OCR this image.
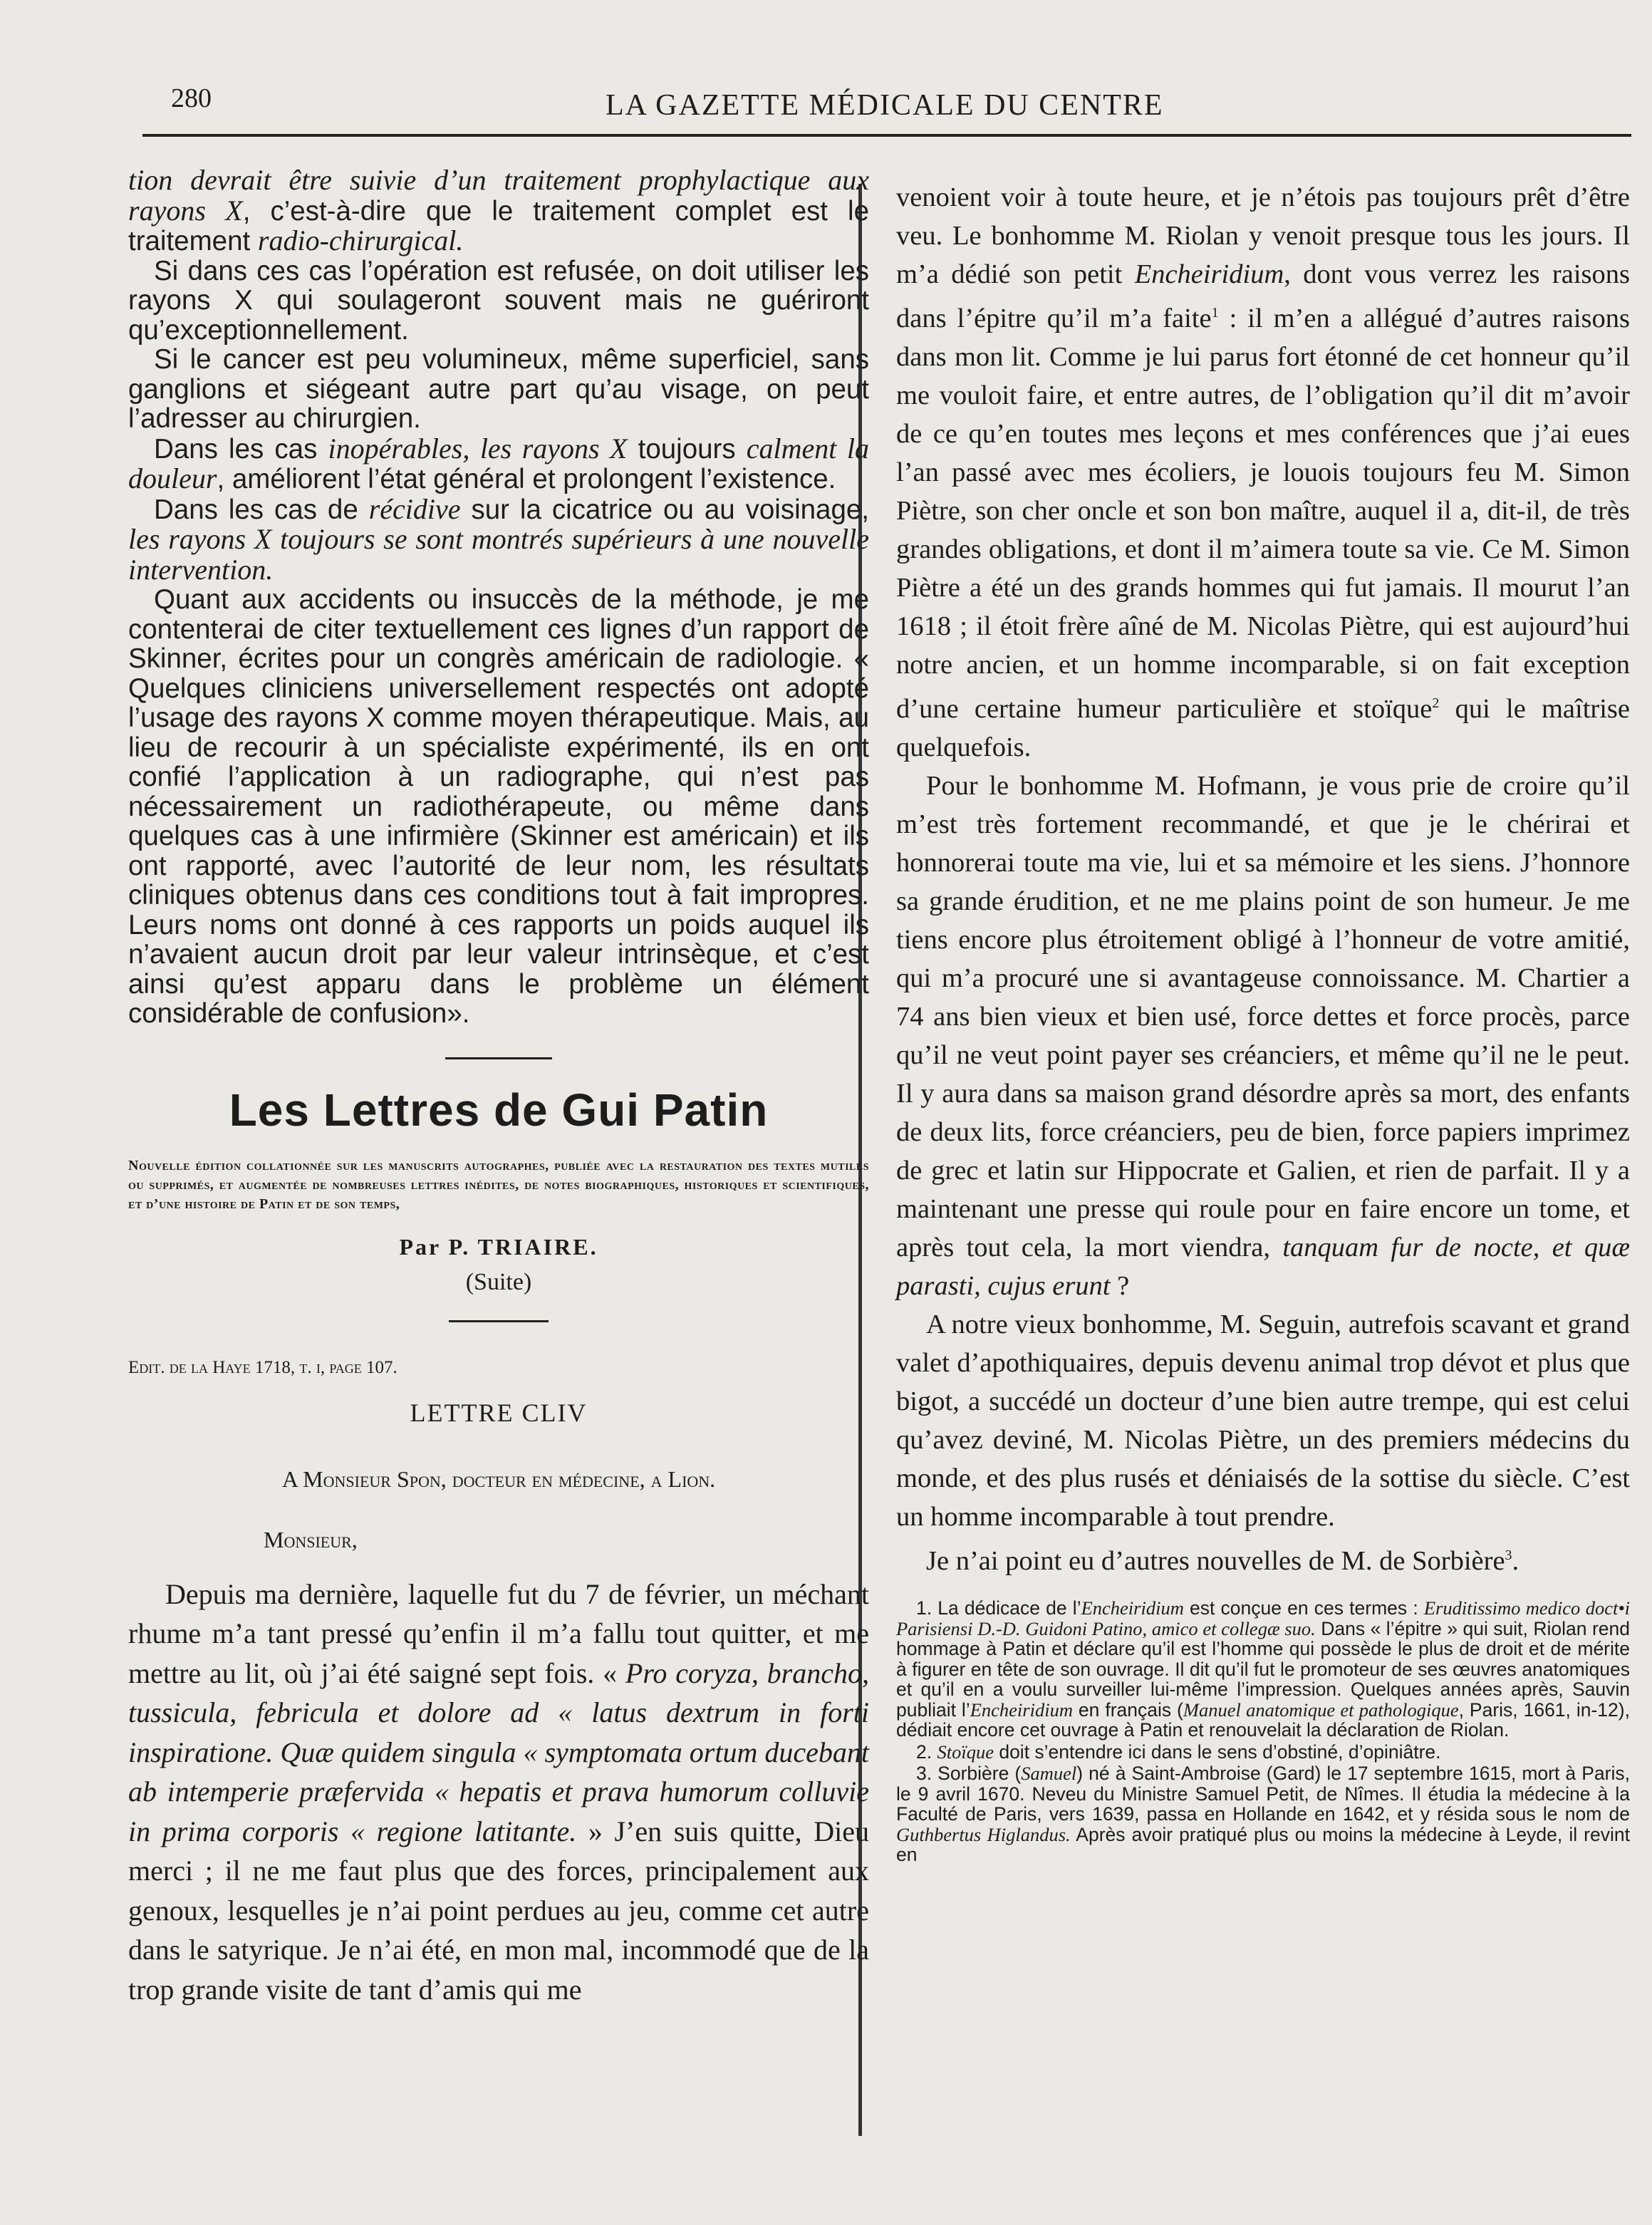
280	LA GAZETTE MÉDICALE DU CENTRE

tion devrait être suivie d’un traitement prophylactique aux rayons X, c’est-à-dire que le traitement complet est le traitement radio-chirurgical.

Si dans ces cas l’opération est refusée, on doit utiliser les rayons X qui soulageront souvent mais ne guériront qu’exceptionnellement.

Si le cancer est peu volumineux, même superficiel, sans ganglions et siégeant autre part qu’au visage, on peut l’adresser au chirurgien.

Dans les cas inopérables, les rayons X toujours calment la douleur, améliorent l’état général et prolongent l’existence.

Dans les cas de récidive sur la cicatrice ou au voisinage, les rayons X toujours se sont montrés supérieurs à une nouvelle intervention.

Quant aux accidents ou insuccès de la méthode, je me contenterai de citer textuellement ces lignes d’un rapport de Skinner, écrites pour un congrès américain de radiologie. « Quelques cliniciens universellement respectés ont adopté l’usage des rayons X comme moyen thérapeutique. Mais, au lieu de recourir à un spécialiste expérimenté, ils en ont confié l’application à un radiographe, qui n’est pas nécessairement un radiothérapeute, ou même dans quelques cas à une infirmière (Skinner est américain) et ils ont rapporté, avec l’autorité de leur nom, les résultats cliniques obtenus dans ces conditions tout à fait impropres. Leurs noms ont donné à ces rapports un poids auquel ils n’avaient aucun droit par leur valeur intrinsèque, et c’est ainsi qu’est apparu dans le problème un élément considérable de confusion».

Les Lettres de Gui Patin

Nouvelle édition collationnée sur les manuscrits autographes, publiée avec la restauration des textes mutilés ou supprimés, et augmentée de nombreuses lettres inédites, de notes biographiques, historiques et scientifiques, et d’une histoire de Patin et de son temps,

Par P. TRIAIRE.

(Suite)

Edit. de la Haye 1718, t. i, page 107.

LETTRE CLIV

A Monsieur Spon, docteur en médecine, a Lion.

Monsieur,

Depuis ma dernière, laquelle fut du 7 de février, un méchant rhume m’a tant pressé qu’enfin il m’a fallu tout quitter, et me mettre au lit, où j’ai été saigné sept fois. « Pro coryza, brancho, tussicula, febricula et dolore ad « latus dextrum in forti inspiratione. Quæ quidem singula « symptomata ortum ducebant ab intemperie præfervida « hepatis et prava humorum colluvie in prima corporis « regione latitante. » J’en suis quitte, Dieu merci ; il ne me faut plus que des forces, principalement aux genoux, lesquelles je n’ai point perdues au jeu, comme cet autre dans le satyrique. Je n’ai été, en mon mal, incommodé que de la trop grande visite de tant d’amis qui me

venoient voir à toute heure, et je n’étois pas toujours prêt d’être veu. Le bonhomme M. Riolan y venoit presque tous les jours. Il m’a dédié son petit Encheiridium, dont vous verrez les raisons dans l’épitre qu’il m’a faite$^1$ : il m’en a allégué d’autres raisons dans mon lit. Comme je lui parus fort étonné de cet honneur qu’il me vouloit faire, et entre autres, de l’obligation qu’il dit m’avoir de ce qu’en toutes mes leçons et mes conférences que j’ai eues l’an passé avec mes écoliers, je louois toujours feu M. Simon Piètre, son cher oncle et son bon maître, auquel il a, dit-il, de très grandes obligations, et dont il m’aimera toute sa vie. Ce M. Simon Piètre a été un des grands hommes qui fut jamais. Il mourut l’an 1618 ; il étoit frère aîné de M. Nicolas Piètre, qui est aujourd’hui notre ancien, et un homme incomparable, si on fait exception d’une certaine humeur particulière et stoïque$^2$ qui le maîtrise quelquefois.

Pour le bonhomme M. Hofmann, je vous prie de croire qu’il m’est très fortement recommandé, et que je le chérirai et honnorerai toute ma vie, lui et sa mémoire et les siens. J’honnore sa grande érudition, et ne me plains point de son humeur. Je me tiens encore plus étroitement obligé à l’honneur de votre amitié, qui m’a procuré une si avantageuse connoissance. M. Chartier a 74 ans bien vieux et bien usé, force dettes et force procès, parce qu’il ne veut point payer ses créanciers, et même qu’il ne le peut. Il y aura dans sa maison grand désordre après sa mort, des enfants de deux lits, force créanciers, peu de bien, force papiers imprimez de grec et latin sur Hippocrate et Galien, et rien de parfait. Il y a maintenant une presse qui roule pour en faire encore un tome, et après tout cela, la mort viendra, tanquam fur de nocte, et quæ parasti, cujus erunt ?

A notre vieux bonhomme, M. Seguin, autrefois scavant et grand valet d’apothiquaires, depuis devenu animal trop dévot et plus que bigot, a succédé un docteur d’une bien autre trempe, qui est celui qu’avez deviné, M. Nicolas Piètre, un des premiers médecins du monde, et des plus rusés et déniaisés de la sottise du siècle. C’est un homme incomparable à tout prendre.

Je n’ai point eu d’autres nouvelles de M. de Sorbière$^3$.

1. La dédicace de l’Encheiridium est conçue en ces termes : Eruditissimo medico doct•i Parisiensi D.-D. Guidoni Patino, amico et collegæ suo. Dans « l’épitre » qui suit, Riolan rend hommage à Patin et déclare qu’il est l’homme qui possède le plus de droit et de mérite à figurer en tête de son ouvrage. Il dit qu’il fut le promoteur de ses œuvres anatomiques et qu’il en a voulu surveiller lui-même l’impression. Quelques années après, Sauvin publiait l’Encheiridium en français (Manuel anatomique et pathologique, Paris, 1661, in-12), dédiait encore cet ouvrage à Patin et renouvelait la déclaration de Riolan.

2. Stoïque doit s’entendre ici dans le sens d’obstiné, d’opiniâtre.

3. Sorbière (Samuel) né à Saint-Ambroise (Gard) le 17 septembre 1615, mort à Paris, le 9 avril 1670. Neveu du Ministre Samuel Petit, de Nîmes. Il étudia la médecine à la Faculté de Paris, vers 1639, passa en Hollande en 1642, et y résida sous le nom de Guthbertus Higlandus. Après avoir pratiqué plus ou moins la médecine à Leyde, il revint en
